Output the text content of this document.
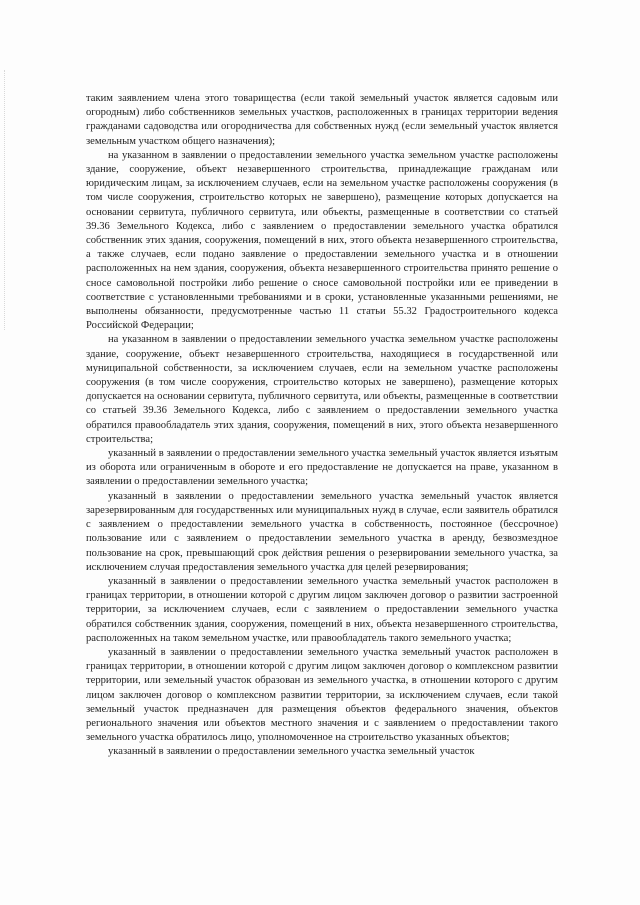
таким заявлением члена этого товарищества (если такой земельный участок является садовым или огородным) либо собственников земельных участков, расположенных в границах территории ведения гражданами садоводства или огородничества для собственных нужд (если земельный участок является земельным участком общего назначения);

на указанном в заявлении о предоставлении земельного участка земельном участке расположены здание, сооружение, объект незавершенного строительства, принадлежащие гражданам или юридическим лицам, за исключением случаев, если на земельном участке расположены сооружения (в том числе сооружения, строительство которых не завершено), размещение которых допускается на основании сервитута, публичного сервитута, или объекты, размещенные в соответствии со статьей 39.36 Земельного Кодекса, либо с заявлением о предоставлении земельного участка обратился собственник этих здания, сооружения, помещений в них, этого объекта незавершенного строительства, а также случаев, если подано заявление о предоставлении земельного участка и в отношении расположенных на нем здания, сооружения, объекта незавершенного строительства принято решение о сносе самовольной постройки либо решение о сносе самовольной постройки или ее приведении в соответствие с установленными требованиями и в сроки, установленные указанными решениями, не выполнены обязанности, предусмотренные частью 11 статьи 55.32 Градостроительного кодекса Российской Федерации;

на указанном в заявлении о предоставлении земельного участка земельном участке расположены здание, сооружение, объект незавершенного строительства, находящиеся в государственной или муниципальной собственности, за исключением случаев, если на земельном участке расположены сооружения (в том числе сооружения, строительство которых не завершено), размещение которых допускается на основании сервитута, публичного сервитута, или объекты, размещенные в соответствии со статьей 39.36 Земельного Кодекса, либо с заявлением о предоставлении земельного участка обратился правообладатель этих здания, сооружения, помещений в них, этого объекта незавершенного строительства;

указанный в заявлении о предоставлении земельного участка земельный участок является изъятым из оборота или ограниченным в обороте и его предоставление не допускается на праве, указанном в заявлении о предоставлении земельного участка;

указанный в заявлении о предоставлении земельного участка земельный участок является зарезервированным для государственных или муниципальных нужд в случае, если заявитель обратился с заявлением о предоставлении земельного участка в собственность, постоянное (бессрочное) пользование или с заявлением о предоставлении земельного участка в аренду, безвозмездное пользование на срок, превышающий срок действия решения о резервировании земельного участка, за исключением случая предоставления земельного участка для целей резервирования;

указанный в заявлении о предоставлении земельного участка земельный участок расположен в границах территории, в отношении которой с другим лицом заключен договор о развитии застроенной территории, за исключением случаев, если с заявлением о предоставлении земельного участка обратился собственник здания, сооружения, помещений в них, объекта незавершенного строительства, расположенных на таком земельном участке, или правообладатель такого земельного участка;

указанный в заявлении о предоставлении земельного участка земельный участок расположен в границах территории, в отношении которой с другим лицом заключен договор о комплексном развитии территории, или земельный участок образован из земельного участка, в отношении которого с другим лицом заключен договор о комплексном развитии территории, за исключением случаев, если такой земельный участок предназначен для размещения объектов федерального значения, объектов регионального значения или объектов местного значения и с заявлением о предоставлении такого земельного участка обратилось лицо, уполномоченное на строительство указанных объектов;

указанный в заявлении о предоставлении земельного участка земельный участок
